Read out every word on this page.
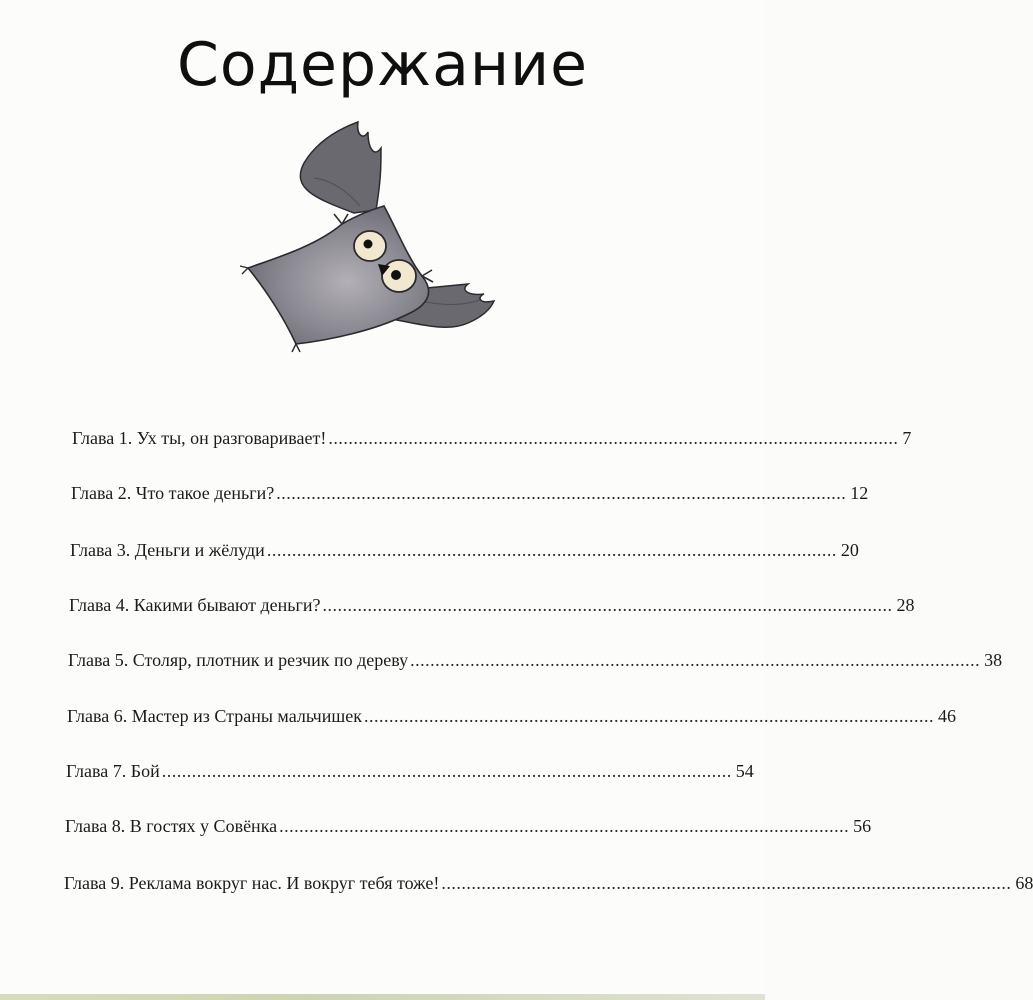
Содержание
Глава 1. Ух ты, он разговаривает! .................................................................................................................. 7
Глава 2. Что такое деньги? .................................................................................................................. 12
Глава 3. Деньги и жёлуди .................................................................................................................. 20
Глава 4. Какими бывают деньги? .................................................................................................................. 28
Глава 5. Столяр, плотник и резчик по дереву .................................................................................................................. 38
Глава 6. Мастер из Страны мальчишек .................................................................................................................. 46
Глава 7. Бой .................................................................................................................. 54
Глава 8. В гостях у Совёнка .................................................................................................................. 56
Глава 9. Реклама вокруг нас. И вокруг тебя тоже! .................................................................................................................. 68
